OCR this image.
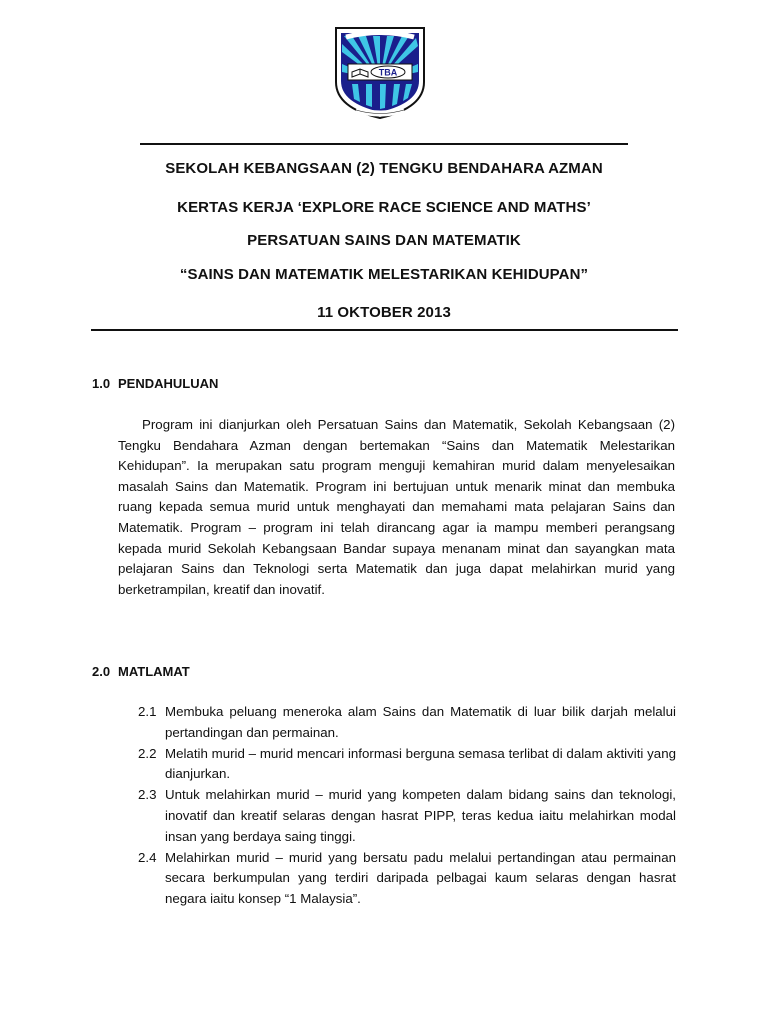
TBA
SEKOLAH KEBANGSAAN (2) TENGKU BENDAHARA AZMAN
KERTAS KERJA ‘EXPLORE RACE SCIENCE AND MATHS’
PERSATUAN SAINS DAN MATEMATIK
“SAINS DAN MATEMATIK MELESTARIKAN KEHIDUPAN”
11 OKTOBER 2013
1.0 PENDAHULUAN

Program ini dianjurkan oleh Persatuan Sains dan Matematik, Sekolah Kebangsaan (2) Tengku Bendahara Azman dengan bertemakan “Sains dan Matematik Melestarikan Kehidupan”. Ia merupakan satu program menguji kemahiran murid dalam menyelesaikan masalah Sains dan Matematik. Program ini bertujuan untuk menarik minat dan membuka ruang kepada semua murid untuk menghayati dan memahami mata pelajaran Sains dan Matematik. Program – program ini telah dirancang agar ia mampu memberi perangsang kepada murid Sekolah Kebangsaan Bandar supaya menanam minat dan sayangkan mata pelajaran Sains dan Teknologi serta Matematik dan juga dapat melahirkan murid yang berketrampilan, kreatif dan inovatif.

2.0 MATLAMAT
2.1 Membuka peluang meneroka alam Sains dan Matematik di luar bilik darjah melalui pertandingan dan permainan.
2.2 Melatih murid – murid mencari informasi berguna semasa terlibat di dalam aktiviti yang dianjurkan.
2.3 Untuk melahirkan murid – murid yang kompeten dalam bidang sains dan teknologi, inovatif dan kreatif selaras dengan hasrat PIPP, teras kedua iaitu melahirkan modal insan yang berdaya saing tinggi.
2.4 Melahirkan murid – murid yang bersatu padu melalui pertandingan atau permainan secara berkumpulan yang terdiri daripada pelbagai kaum selaras dengan hasrat negara iaitu konsep “1 Malaysia”.
